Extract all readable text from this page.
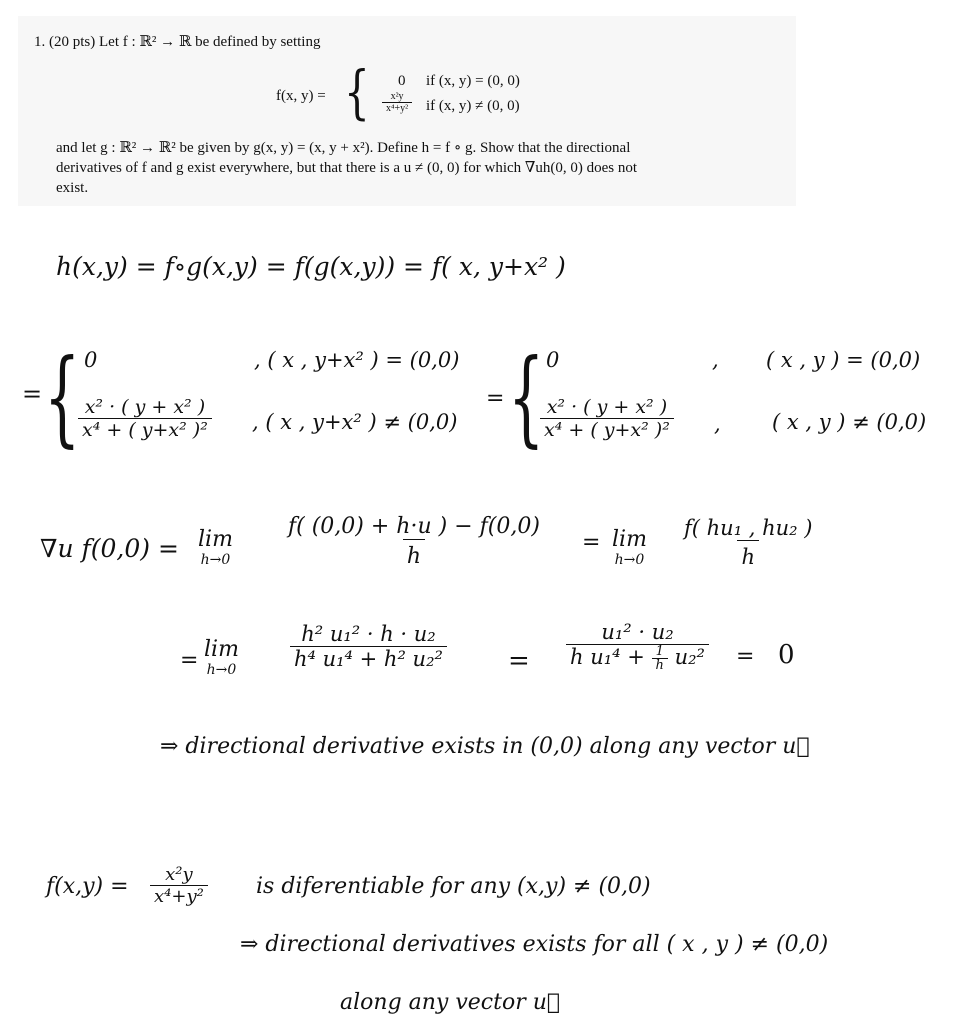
1. (20 pts) Let f : ℝ² → ℝ be defined by setting
f(x, y) = { 0 if (x, y) = (0, 0)
$\frac{\text{x²y}}{\text{x⁴+y²}}$ if (x, y) ≠ (0, 0)
and let g : ℝ² → ℝ² be given by g(x, y) = (x, y + x²). Define h = f ∘ g. Show that the directional
derivatives of f and g exist everywhere, but that there is a u ≠ (0, 0) for which ∇uh(0, 0) does not
exist.
h(x,y) = f∘g(x,y) = f(g(x,y)) = f( x, y+x² )
= { 0	, ( x , y+x² ) = (0,0)
$\frac{\text{x² · ( y + x² )}}{\text{x⁴ + ( y+x² )²}}$ , ( x , y+x² ) ≠ (0,0)
= { 0	, ( x , y ) = (0,0)
$\frac{\text{x² · ( y + x² )}}{\text{x⁴ + ( y+x² )²}}$ , ( x , y ) ≠ (0,0)
∇u f(0,0) = lim
$h\to 0 \frac{f( (0,0) + h\cdot u ) - f(0,0)}{h} = \lim$
$h\to 0 \frac{\text{f( hu₁ , hu₂ )}}{h}$
= lim
h→0	$\frac{\text{h² u₁² · h · u₂}}{\text{h⁴ u₁⁴ + h² u₂²}} = \frac{\text{u₁² · u₂}}{h u_1^4 + \frac{1}{h} u_2^2} = 0$
⇒ directional derivative exists in (0,0) along any vector u⃗
$f(x,y) = \frac{\text{x²y}}{\text{x⁴+y²}}$ is diferentiable for any (x,y) ≠ (0,0)
⇒ directional derivatives exists for all ( x , y ) ≠ (0,0)
along any vector u⃗
